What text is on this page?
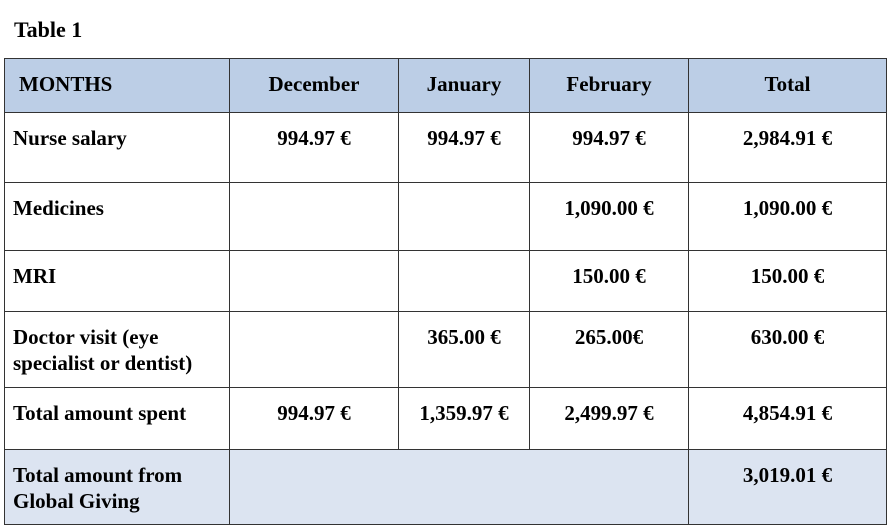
Table 1
MONTHS	December	January	February	Total
Nurse salary	994.97 €	994.97 €	994.97 €	2,984.91 €
Medicines			1,090.00 €	1,090.00 €
MRI			150.00 €	150.00 €
Doctor visit (eye specialist or dentist)		365.00 €	265.00€	630.00 €
Total amount spent	994.97 €	1,359.97 €	2,499.97 €	4,854.91 €
Total amount from Global Giving				3,019.01 €
